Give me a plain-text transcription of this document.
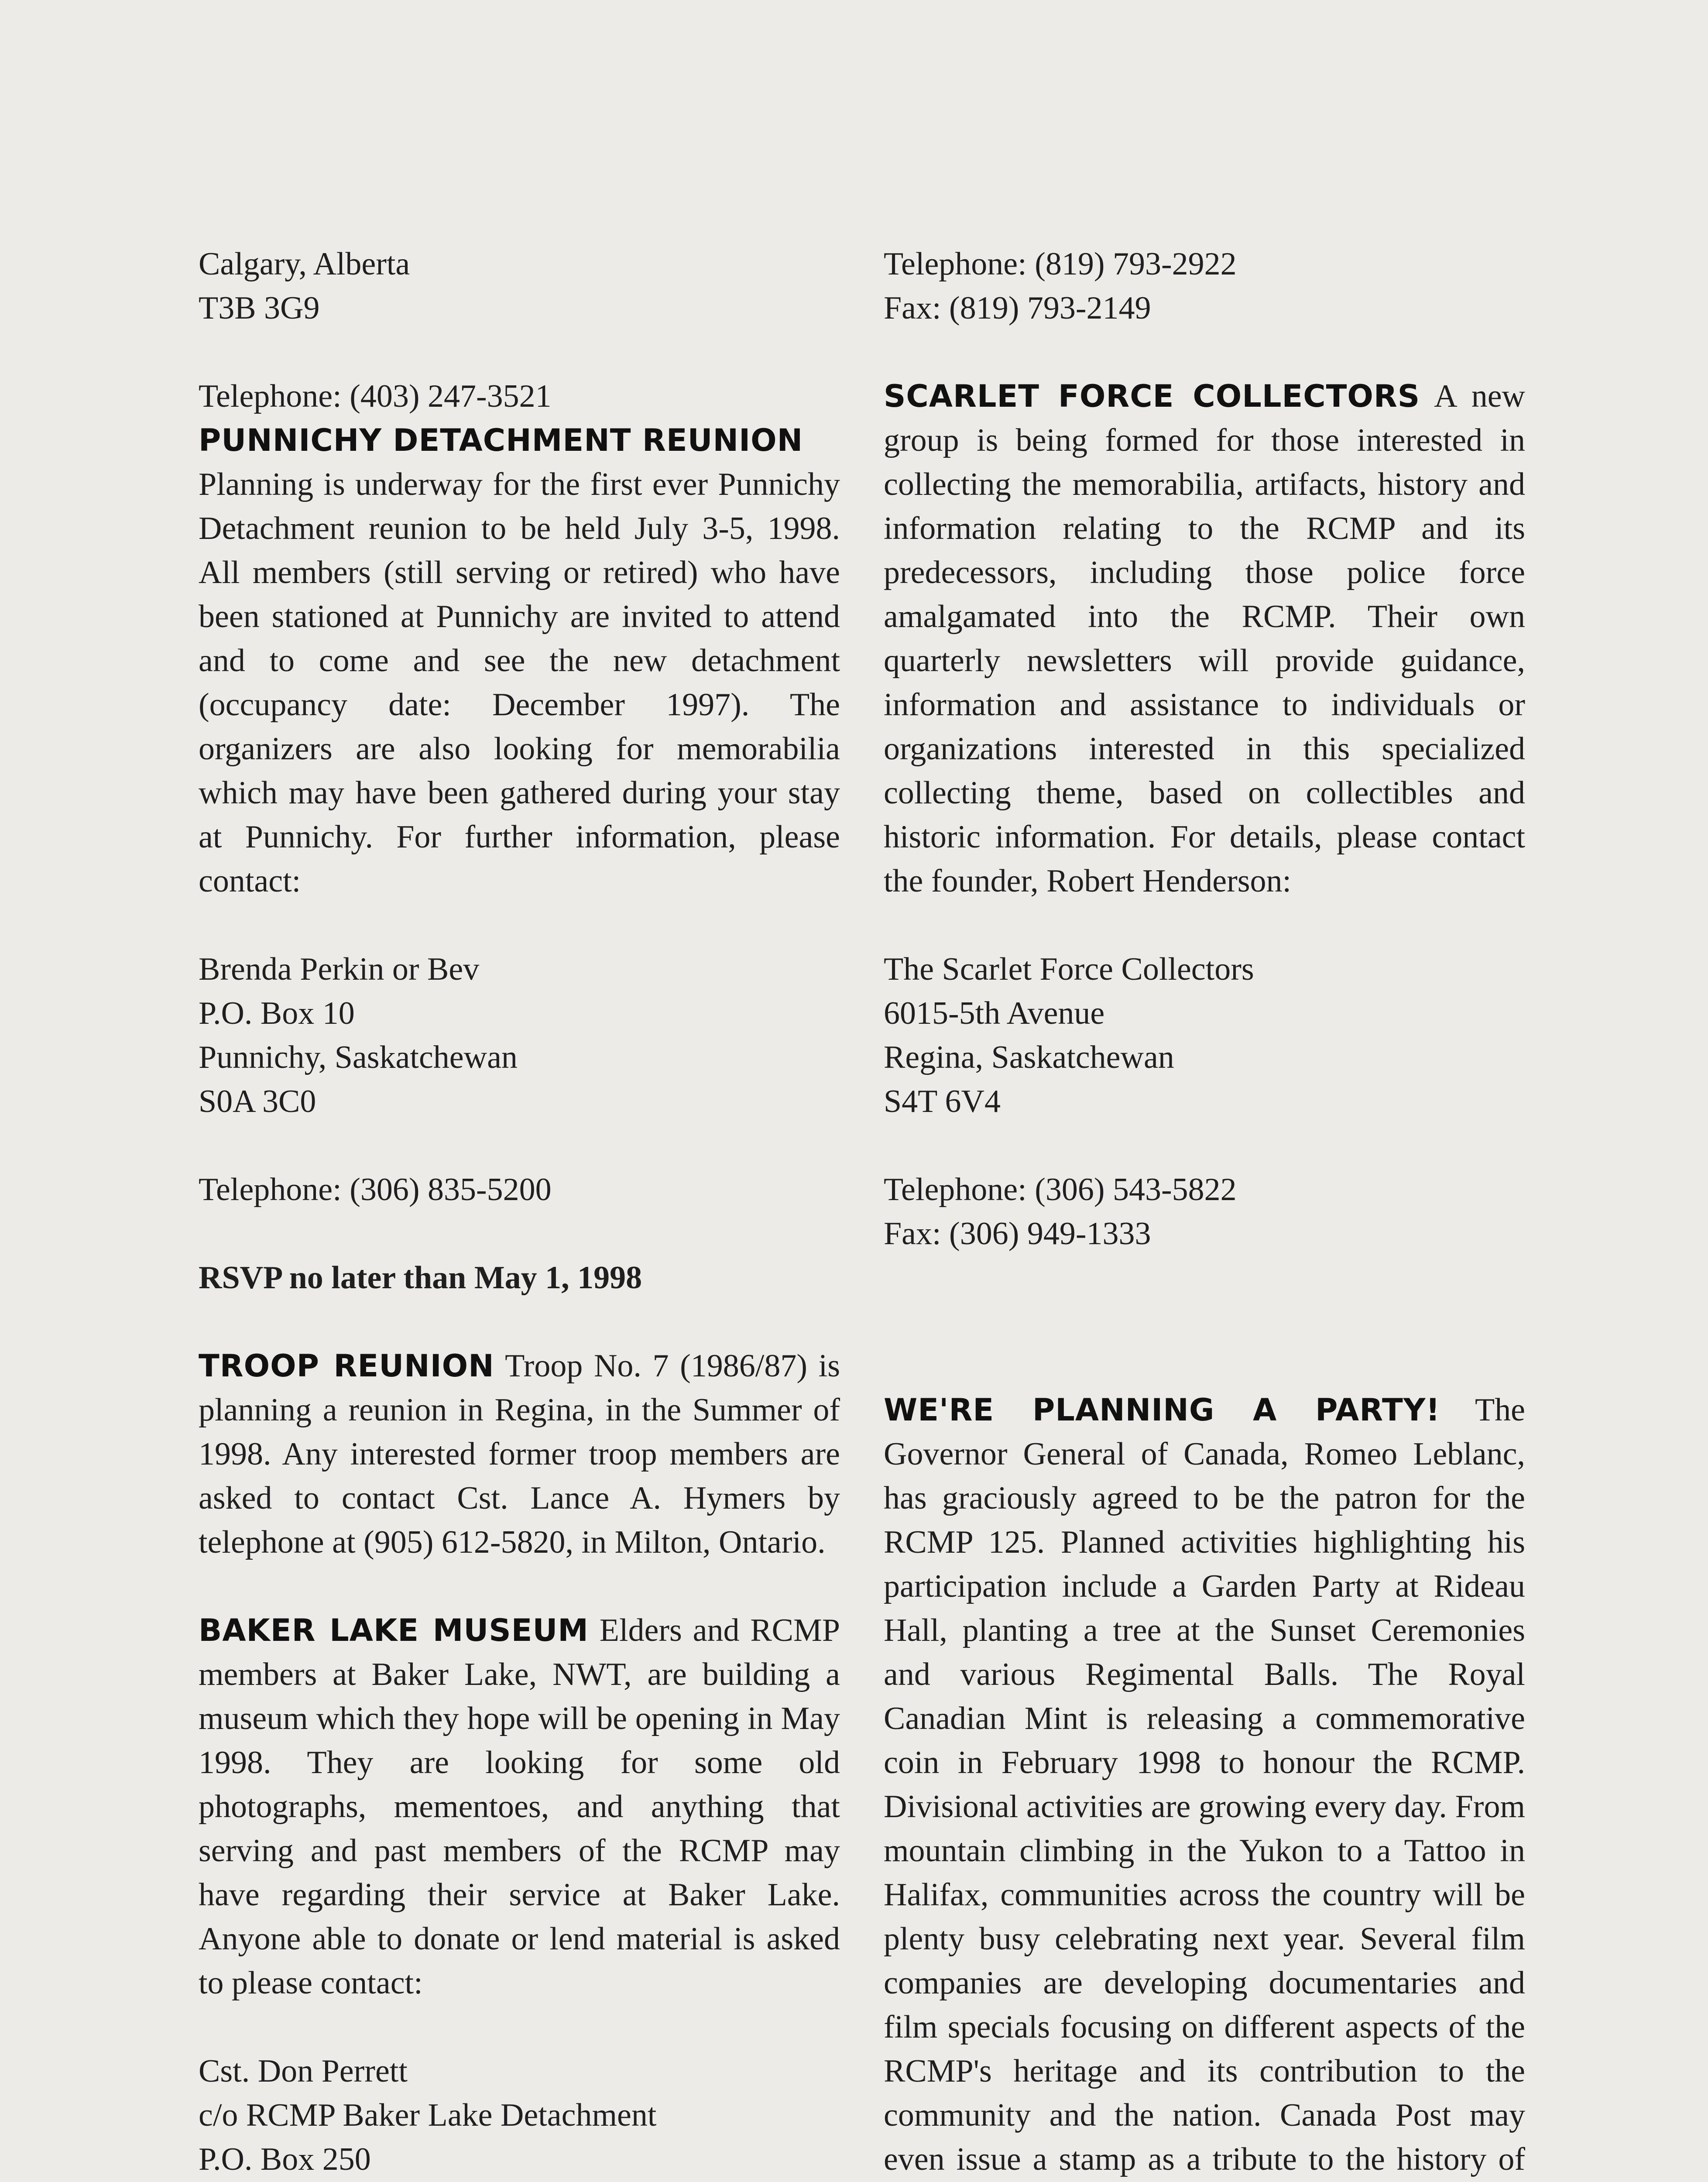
Calgary, Alberta

T3B 3G9

Telephone: (403) 247-3521

PUNNICHY DETACHMENT REUNION

Planning is underway for the first ever Punnichy Detachment reunion to be held July 3-5, 1998. All members (still serving or retired) who have been stationed at Punnichy are invited to attend and to come and see the new detachment (occupancy date: December 1997). The organizers are also looking for memorabilia which may have been gathered during your stay at Punnichy. For further information, please contact:

Brenda Perkin or Bev

P.O. Box 10

Punnichy, Saskatchewan

S0A 3C0

Telephone: (306) 835-5200

RSVP no later than May 1, 1998

TROOP REUNION Troop No. 7 (1986/87) is planning a reunion in Regina, in the Summer of 1998. Any interested former troop members are asked to contact Cst. Lance A. Hymers by telephone at (905) 612-5820, in Milton, Ontario.

BAKER LAKE MUSEUM Elders and RCMP members at Baker Lake, NWT, are building a museum which they hope will be opening in May 1998. They are looking for some old photographs, mementoes, and anything that serving and past members of the RCMP may have regarding their service at Baker Lake. Anyone able to donate or lend material is asked to please contact:

Cst. Don Perrett

c/o RCMP Baker Lake Detachment

P.O. Box 250

Telephone: (819) 793-2922

Fax: (819) 793-2149

SCARLET FORCE COLLECTORS A new group is being formed for those interested in collecting the memorabilia, artifacts, history and information relating to the RCMP and its predecessors, including those police force amalgamated into the RCMP. Their own quarterly newsletters will provide guidance, information and assistance to individuals or organizations interested in this specialized collecting theme, based on collectibles and historic information. For details, please contact the founder, Robert Henderson:

The Scarlet Force Collectors

6015-5th Avenue

Regina, Saskatchewan

S4T 6V4

Telephone: (306) 543-5822

Fax: (306) 949-1333

WE'RE PLANNING A PARTY! The Governor General of Canada, Romeo Leblanc, has graciously agreed to be the patron for the RCMP 125. Planned activities highlighting his participation include a Garden Party at Rideau Hall, planting a tree at the Sunset Ceremonies and various Regimental Balls. The Royal Canadian Mint is releasing a commemorative coin in February 1998 to honour the RCMP. Divisional activities are growing every day. From mountain climbing in the Yukon to a Tattoo in Halifax, communities across the country will be plenty busy celebrating next year. Several film companies are developing documentaries and film specials focusing on different aspects of the RCMP's heritage and its contribution to the community and the nation. Canada Post may even issue a stamp as a tribute to the history of
